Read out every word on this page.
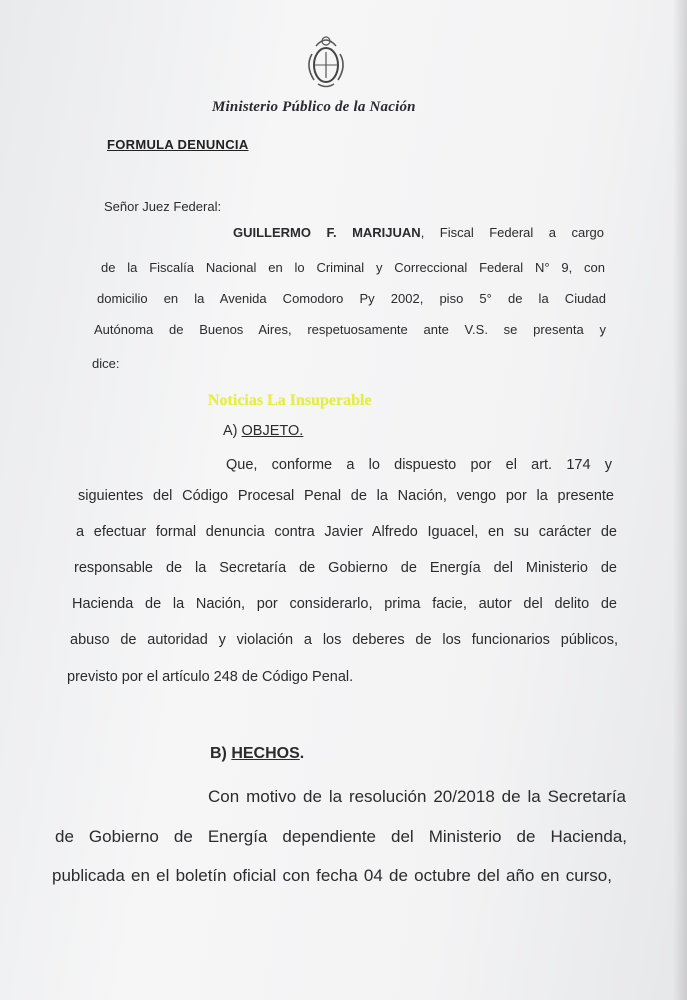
Ministerio Público de la Nación
FORMULA DENUNCIA
Señor Juez Federal:
GUILLERMO F. MARIJUAN, Fiscal Federal a cargo
de la Fiscalía Nacional en lo Criminal y Correccional Federal N° 9, con
domicilio en la Avenida Comodoro Py 2002, piso 5° de la Ciudad
Autónoma de Buenos Aires, respetuosamente ante V.S. se presenta y
dice:
Noticias La Insuperable
A) OBJETO.
Que, conforme a lo dispuesto por el art. 174 y
siguientes del Código Procesal Penal de la Nación, vengo por la presente
a efectuar formal denuncia contra Javier Alfredo Iguacel, en su carácter de
responsable de la Secretaría de Gobierno de Energía del Ministerio de
Hacienda de la Nación, por considerarlo, prima facie, autor del delito de
abuso de autoridad y violación a los deberes de los funcionarios públicos,
previsto por el artículo 248 de Código Penal.
B) HECHOS.
Con motivo de la resolución 20/2018 de la Secretaría
de Gobierno de Energía dependiente del Ministerio de Hacienda,
publicada en el boletín oficial con fecha 04 de octubre del año en curso,
